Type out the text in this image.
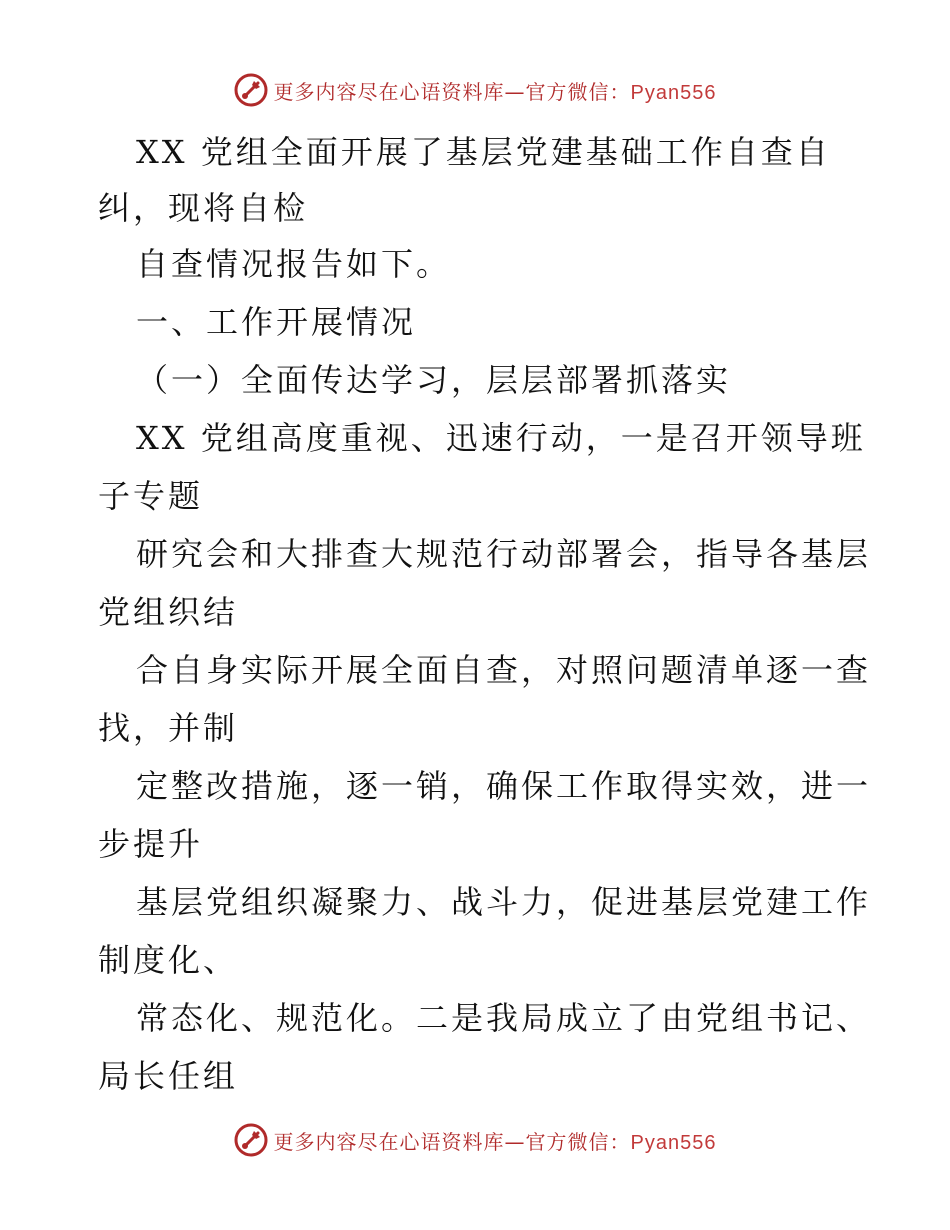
更多内容尽在心语资料库—官方微信：Pyan556
XX 党组全面开展了基层党建基础工作自查自
纠，现将自检
自查情况报告如下。
一、工作开展情况
（一）全面传达学习，层层部署抓落实
XX 党组高度重视、迅速行动，一是召开领导班
子专题
研究会和大排查大规范行动部署会，指导各基层
党组织结
合自身实际开展全面自查，对照问题清单逐一查
找，并制
定整改措施，逐一销，确保工作取得实效，进一
步提升
基层党组织凝聚力、战斗力，促进基层党建工作
制度化、
常态化、规范化。二是我局成立了由党组书记、
局长任组
更多内容尽在心语资料库—官方微信：Pyan556
